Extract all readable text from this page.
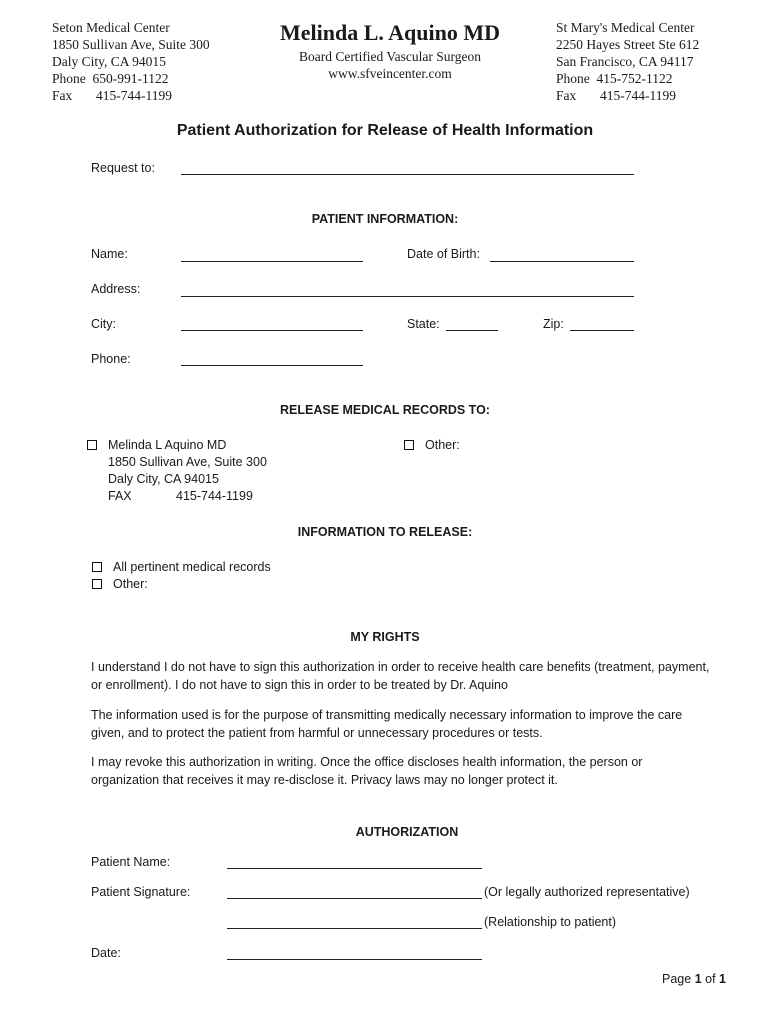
Seton Medical Center
1850 Sullivan Ave, Suite 300
Daly City, CA 94015
Phone 650-991-1122
Fax 415-744-1199
Melinda L. Aquino MD
Board Certified Vascular Surgeon
www.sfveincenter.com
St Mary's Medical Center
2250 Hayes Street Ste 612
San Francisco, CA 94117
Phone 415-752-1122
Fax 415-744-1199
Patient Authorization for Release of Health Information
Request to:
PATIENT INFORMATION:
Name:	Date of Birth:
Address:
City:	State:	Zip:
Phone:
RELEASE MEDICAL RECORDS TO:
Melinda L Aquino MD
1850 Sullivan Ave, Suite 300
Daly City, CA 94015
FAX	415-744-1199
Other:
INFORMATION TO RELEASE:
All pertinent medical records
Other:
MY RIGHTS
I understand I do not have to sign this authorization in order to receive health care benefits (treatment, payment, or enrollment). I do not have to sign this in order to be treated by Dr. Aquino
The information used is for the purpose of transmitting medically necessary information to improve the care given, and to protect the patient from harmful or unnecessary procedures or tests.
I may revoke this authorization in writing. Once the office discloses health information, the person or organization that receives it may re-disclose it. Privacy laws may no longer protect it.
AUTHORIZATION
Patient Name:
Patient Signature:	(Or legally authorized representative)
(Relationship to patient)
Date:
Page 1 of 1
